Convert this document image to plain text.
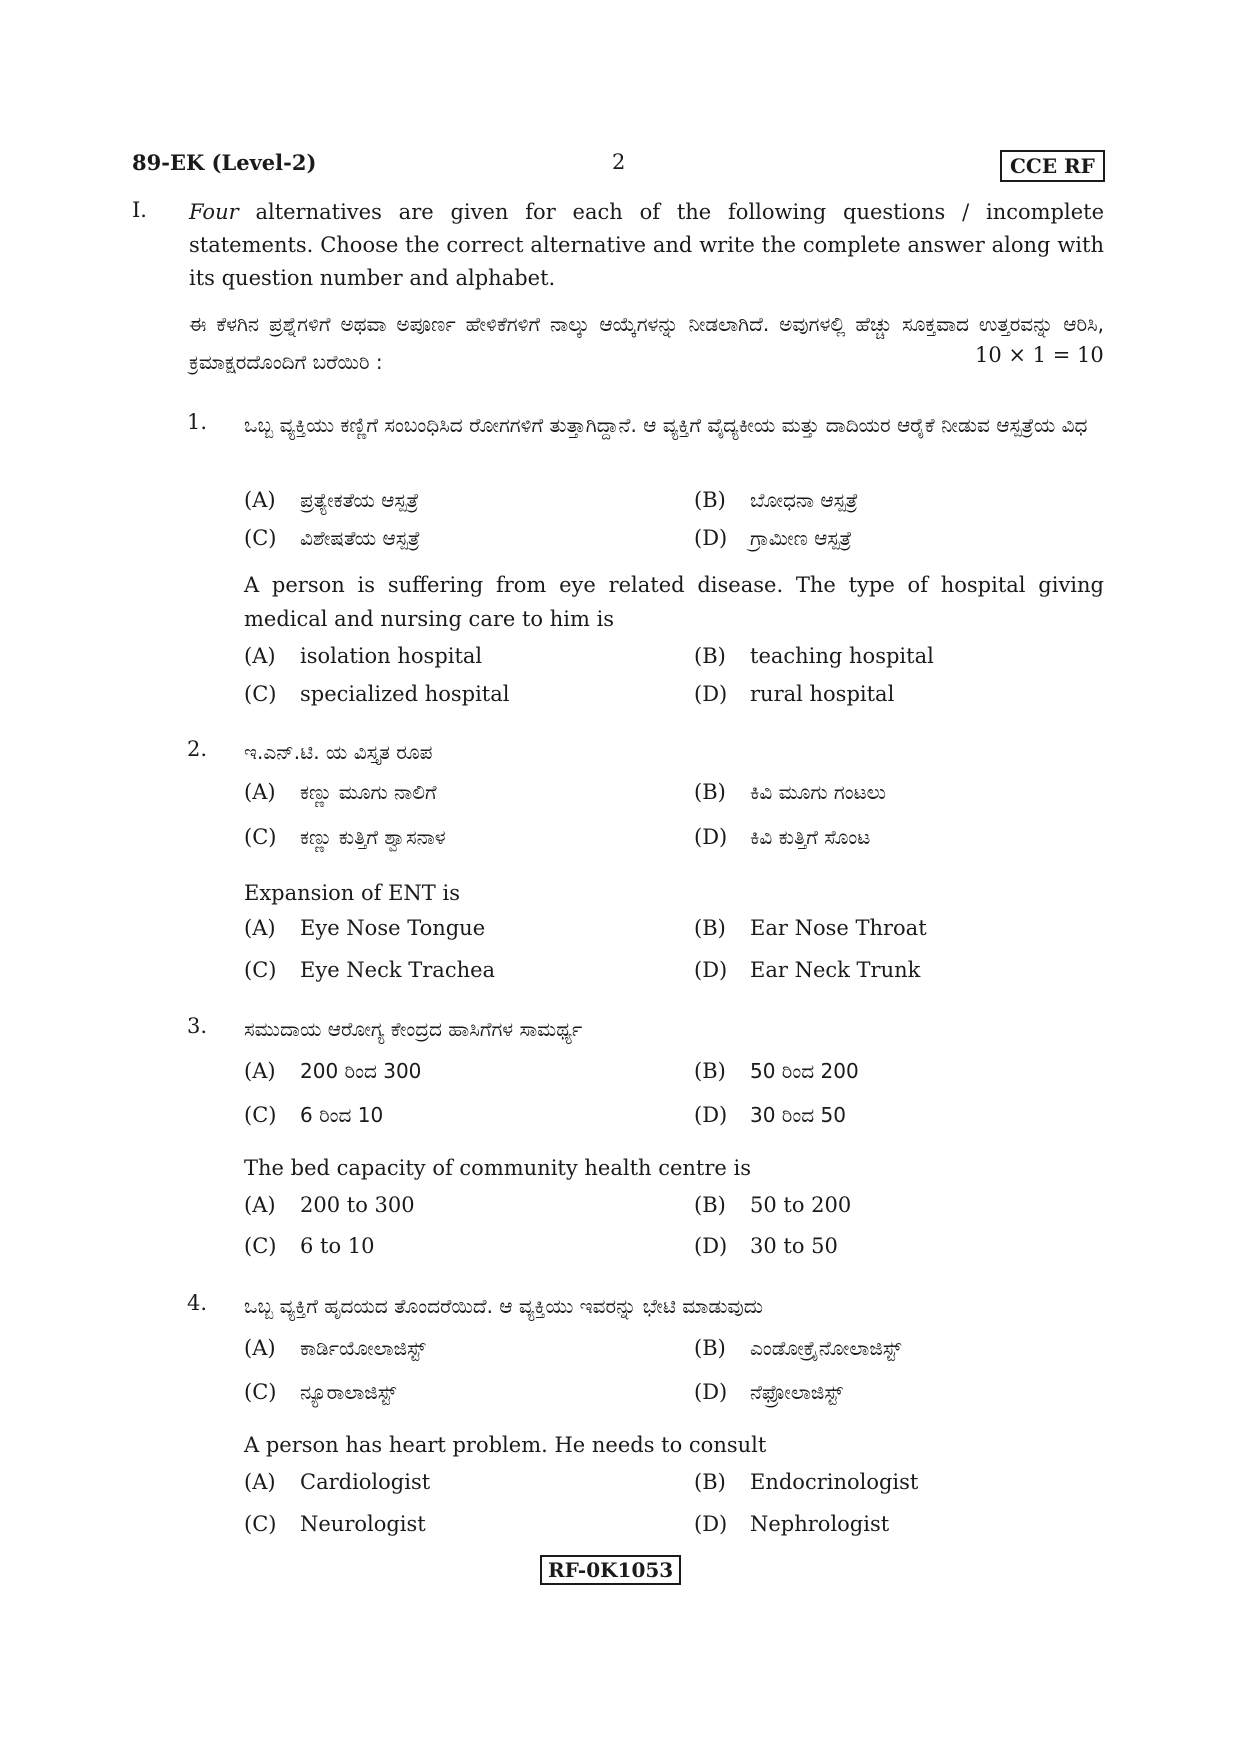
89-EK (Level-2)	2	CCE RF
I. Four alternatives are given for each of the following questions / incomplete statements. Choose the correct alternative and write the complete answer along with its question number and alphabet.
ಈ ಕೆಳಗಿನ ಪ್ರಶ್ನೆಗಳಿಗೆ ಅಥವಾ ಅಪೂರ್ಣ ಹೇಳಿಕೆಗಳಿಗೆ ನಾಲ್ಕು ಆಯ್ಕೆಗಳನ್ನು ನೀಡಲಾಗಿದೆ. ಅವುಗಳಲ್ಲಿ ಹೆಚ್ಚು ಸೂಕ್ತವಾದ ಉತ್ತರವನ್ನು ಆರಿಸಿ, ಕ್ರಮಾಕ್ಷರದೊಂದಿಗೆ ಬರೆಯಿರಿ :	10 × 1 = 10
1. ಒಬ್ಬ ವ್ಯಕ್ತಿಯು ಕಣ್ಣಿಗೆ ಸಂಬಂಧಿಸಿದ ರೋಗಗಳಿಗೆ ತುತ್ತಾಗಿದ್ದಾನೆ. ಆ ವ್ಯಕ್ತಿಗೆ ವೈದ್ಯಕೀಯ ಮತ್ತು ದಾದಿಯರ ಆರೈಕೆ ನೀಡುವ ಆಸ್ಪತ್ರೆಯ ವಿಧ
(A) ಪ್ರತ್ಯೇಕತೆಯ ಆಸ್ಪತ್ರೆ	(B) ಬೋಧನಾ ಆಸ್ಪತ್ರೆ
(C) ವಿಶೇಷತೆಯ ಆಸ್ಪತ್ರೆ	(D) ಗ್ರಾಮೀಣ ಆಸ್ಪತ್ರೆ
A person is suffering from eye related disease. The type of hospital giving medical and nursing care to him is
(A) isolation hospital	(B) teaching hospital
(C) specialized hospital	(D) rural hospital
2. ಇ.ಎನ್.ಟಿ. ಯ ವಿಸ್ತೃತ ರೂಪ
(A) ಕಣ್ಣು ಮೂಗು ನಾಲಿಗೆ	(B) ಕಿವಿ ಮೂಗು ಗಂಟಲು
(C) ಕಣ್ಣು ಕುತ್ತಿಗೆ ಶ್ವಾಸನಾಳ	(D) ಕಿವಿ ಕುತ್ತಿಗೆ ಸೊಂಟ
Expansion of ENT is
(A) Eye Nose Tongue	(B) Ear Nose Throat
(C) Eye Neck Trachea	(D) Ear Neck Trunk
3. ಸಮುದಾಯ ಆರೋಗ್ಯ ಕೇಂದ್ರದ ಹಾಸಿಗೆಗಳ ಸಾಮರ್ಥ್ಯ
(A) 200 ರಿಂದ 300	(B) 50 ರಿಂದ 200
(C) 6 ರಿಂದ 10	(D) 30 ರಿಂದ 50
The bed capacity of community health centre is
(A) 200 to 300	(B) 50 to 200
(C) 6 to 10	(D) 30 to 50
4. ಒಬ್ಬ ವ್ಯಕ್ತಿಗೆ ಹೃದಯದ ತೊಂದರೆಯಿದೆ. ಆ ವ್ಯಕ್ತಿಯು ಇವರನ್ನು ಭೇಟಿ ಮಾಡುವುದು
(A) ಕಾರ್ಡಿಯೋಲಾಜಿಸ್ಟ್	(B) ಎಂಡೋಕ್ರೈನೋಲಾಜಿಸ್ಟ್
(C) ನ್ಯೂರಾಲಾಜಿಸ್ಟ್	(D) ನೆಫ್ರೋಲಾಜಿಸ್ಟ್
A person has heart problem. He needs to consult
(A) Cardiologist	(B) Endocrinologist
(C) Neurologist	(D) Nephrologist
RF-0K1053
